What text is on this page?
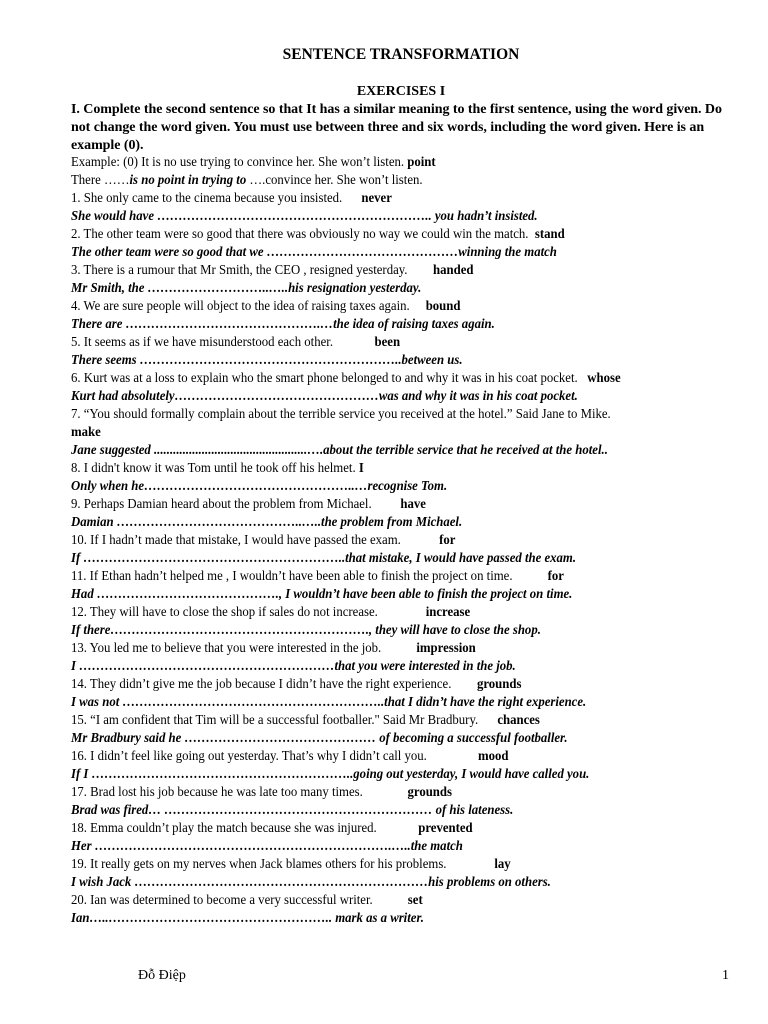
SENTENCE TRANSFORMATION
EXERCISES I
I. Complete the second sentence so that It has a similar meaning to the first sentence, using the word given. Do not change the word given. You must use between three and six words, including the word given. Here is an example (0).
Example: (0) It is no use trying to convince her. She won’t listen. point
There ……is no point in trying to ….convince her. She won’t listen.
1. She only came to the cinema because you insisted. never
She would have ……………………………………………………….. you hadn’t insisted.
2. The other team were so good that there was obviously no way we could win the match. stand
The other team were so good that we ………………………………………winning the match
3. There is a rumour that Mr Smith, the CEO , resigned yesterday. handed
Mr Smith, the ………………………..…..his resignation yesterday.
4. We are sure people will object to the idea of raising taxes again. bound
There are ……………………………………….…the idea of raising taxes again.
5. It seems as if we have misunderstood each other.	been
There seems ……………………………………………………..between us.
6. Kurt was at a loss to explain who the smart phone belonged to and why it was in his coat pocket. whose
Kurt had absolutely…………………………………………was and why it was in his coat pocket.
7. “You should formally complain about the terrible service you received at the hotel.” Said Jane to Mike.
make
Jane suggested ................................................….about the terrible service that he received at the hotel..
8. I didn't know it was Tom until he took off his helmet. I
Only when he…………………………………………..…recognise Tom.
9. Perhaps Damian heard about the problem from Michael. have
Damian ……………………………………..…..the problem from Michael.
10. If I hadn’t made that mistake, I would have passed the exam.	for
If ……………………………………………………..that mistake, I would have passed the exam.
11. If Ethan hadn’t helped me , I wouldn’t have been able to finish the project on time.	for
Had ……………………………………., I wouldn’t have been able to finish the project on time.
12. They will have to close the shop if sales do not increase.	increase
If there……………………………………………………., they will have to close the shop.
13. You led me to believe that you were interested in the job.	impression
I ……………………………………………………that you were interested in the job.
14. They didn’t give me the job because I didn’t have the right experience. grounds
I was not ……………………………………………………..that I didn’t have the right experience.
15. “I am confident that Tim will be a successful footballer." Said Mr Bradbury. chances
Mr Bradbury said he ……………………………………… of becoming a successful footballer.
16. I didn’t feel like going out yesterday. That’s why I didn’t call you.	mood
If I ……………………………………………………..going out yesterday, I would have called you.
17. Brad lost his job because he was late too many times.	grounds
Brad was fired… ……………………………………………………… of his lateness.
18. Emma couldn’t play the match because she was injured.	prevented
Her …………………………………………………………….…..the match
19. It really gets on my nerves when Jack blames others for his problems.	lay
I wish Jack ……………………………………………………………his problems on others.
20. Ian was determined to become a very successful writer.	set
Ian…..…………………………………………….. mark as a writer.
Đỗ Điệp	1
